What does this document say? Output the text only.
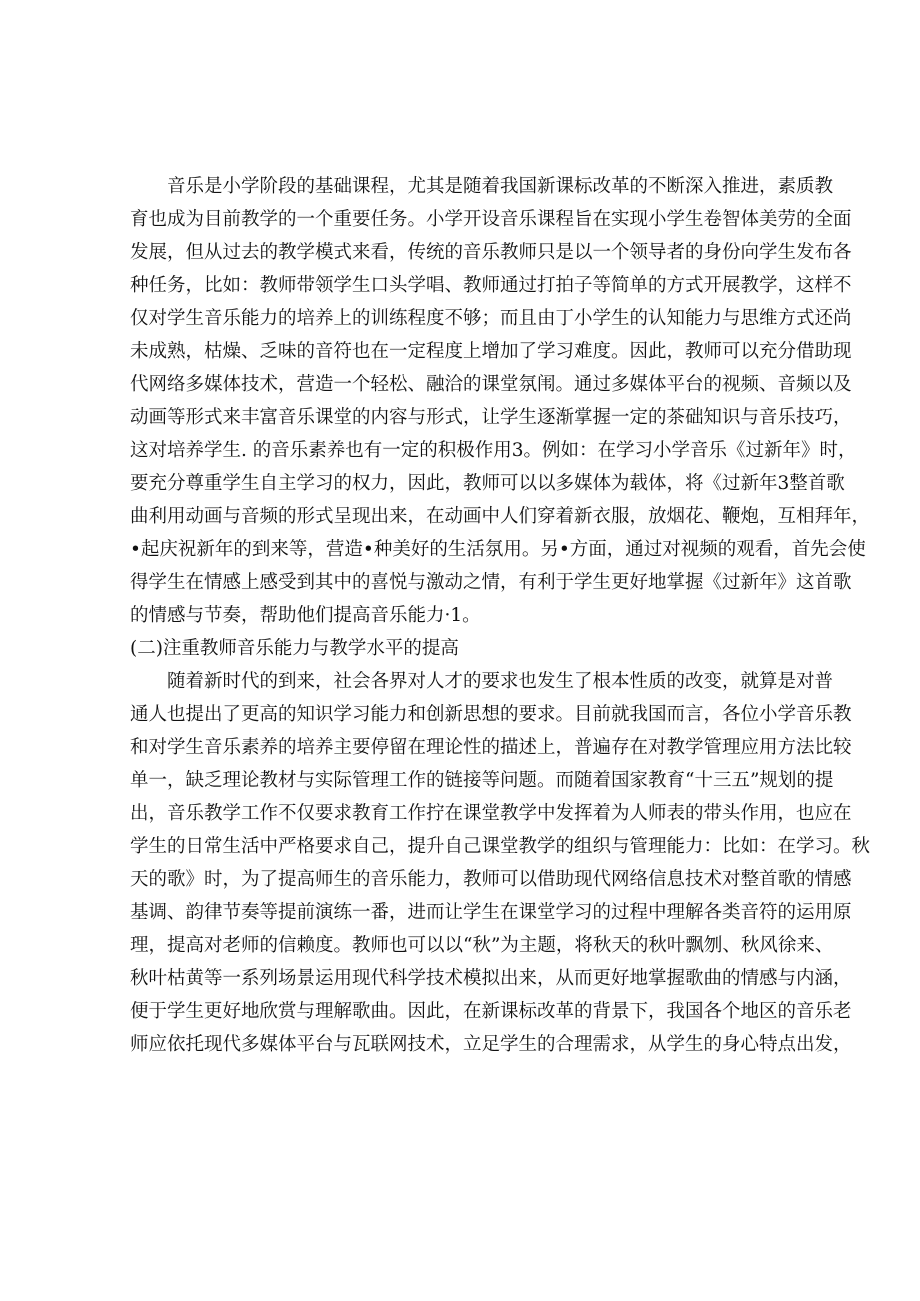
音乐是小学阶段的基础课程，尤其是随着我国新课标改革的不断深入推进，素质教
育也成为目前教学的一个重要任务。小学开设音乐课程旨在实现小学生卷智体美劳的全面
发展，但从过去的教学模式来看，传统的音乐教师只是以一个领导者的身份向学生发布各
种任务，比如：教师带领学生口头学唱、教师通过打拍子等简单的方式开展教学，这样不
仅对学生音乐能力的培养上的训练程度不够；而且由丁小学生的认知能力与思维方式还尚
未成熟，枯燥、乏味的音符也在一定程度上增加了学习难度。因此，教师可以充分借助现
代网络多媒体技术，营造一个轻松、融洽的课堂氛闱。通过多媒体平台的视频、音频以及
动画等形式来丰富音乐课堂的内容与形式，让学生逐渐掌握一定的茶础知识与音乐技巧，
这对培养学生. 的音乐素养也有一定的积极作用3。例如：在学习小学音乐《过新年》时，
要充分尊重学生自主学习的权力，因此，教师可以以多媒体为载体，将《过新年3整首歌
曲利用动画与音频的形式呈现出来，在动画中人们穿着新衣服，放烟花、鞭炮，互相拜年，
•起庆祝新年的到来等，营造•种美好的生活氛用。另•方面，通过对视频的观看，首先会使
得学生在情感上感受到其中的喜悦与激动之情，有利于学生更好地掌握《过新年》这首歌
的情感与节奏，帮助他们提高音乐能力·1。
(二)注重教师音乐能力与教学水平的提高
随着新时代的到来，社会各界对人才的要求也发生了根本性质的改变，就算是对普
通人也提出了更高的知识学习能力和创新思想的要求。目前就我国而言，各位小学音乐教
和对学生音乐素养的培养主要停留在理论性的描述上，普遍存在对教学管理应用方法比较
单一，缺乏理论教材与实际管理工作的链接等问题。而随着国家教育“十三五”规划的提
出，音乐教学工作不仅要求教育工作拧在课堂教学中发挥着为人师表的带头作用，也应在
学生的日常生活中严格要求自己，提升自己课堂教学的组织与管理能力：比如：在学习。秋
天的歌》时，为了提高师生的音乐能力，教师可以借助现代网络信息技术对整首歌的情感
基调、韵律节奏等提前演练一番，进而让学生在课堂学习的过程中理解各类音符的运用原
理，提高对老师的信赖度。教师也可以以“秋”为主题，将秋天的秋叶飘刎、秋风徐来、
秋叶枯黄等一系列场景运用现代科学技术模拟出来，从而更好地掌握歌曲的情感与内涵，
便于学生更好地欣赏与理解歌曲。因此，在新课标改革的背景下，我国各个地区的音乐老
师应依托现代多媒体平台与瓦联网技术，立足学生的合理需求，从学生的身心特点出发，
